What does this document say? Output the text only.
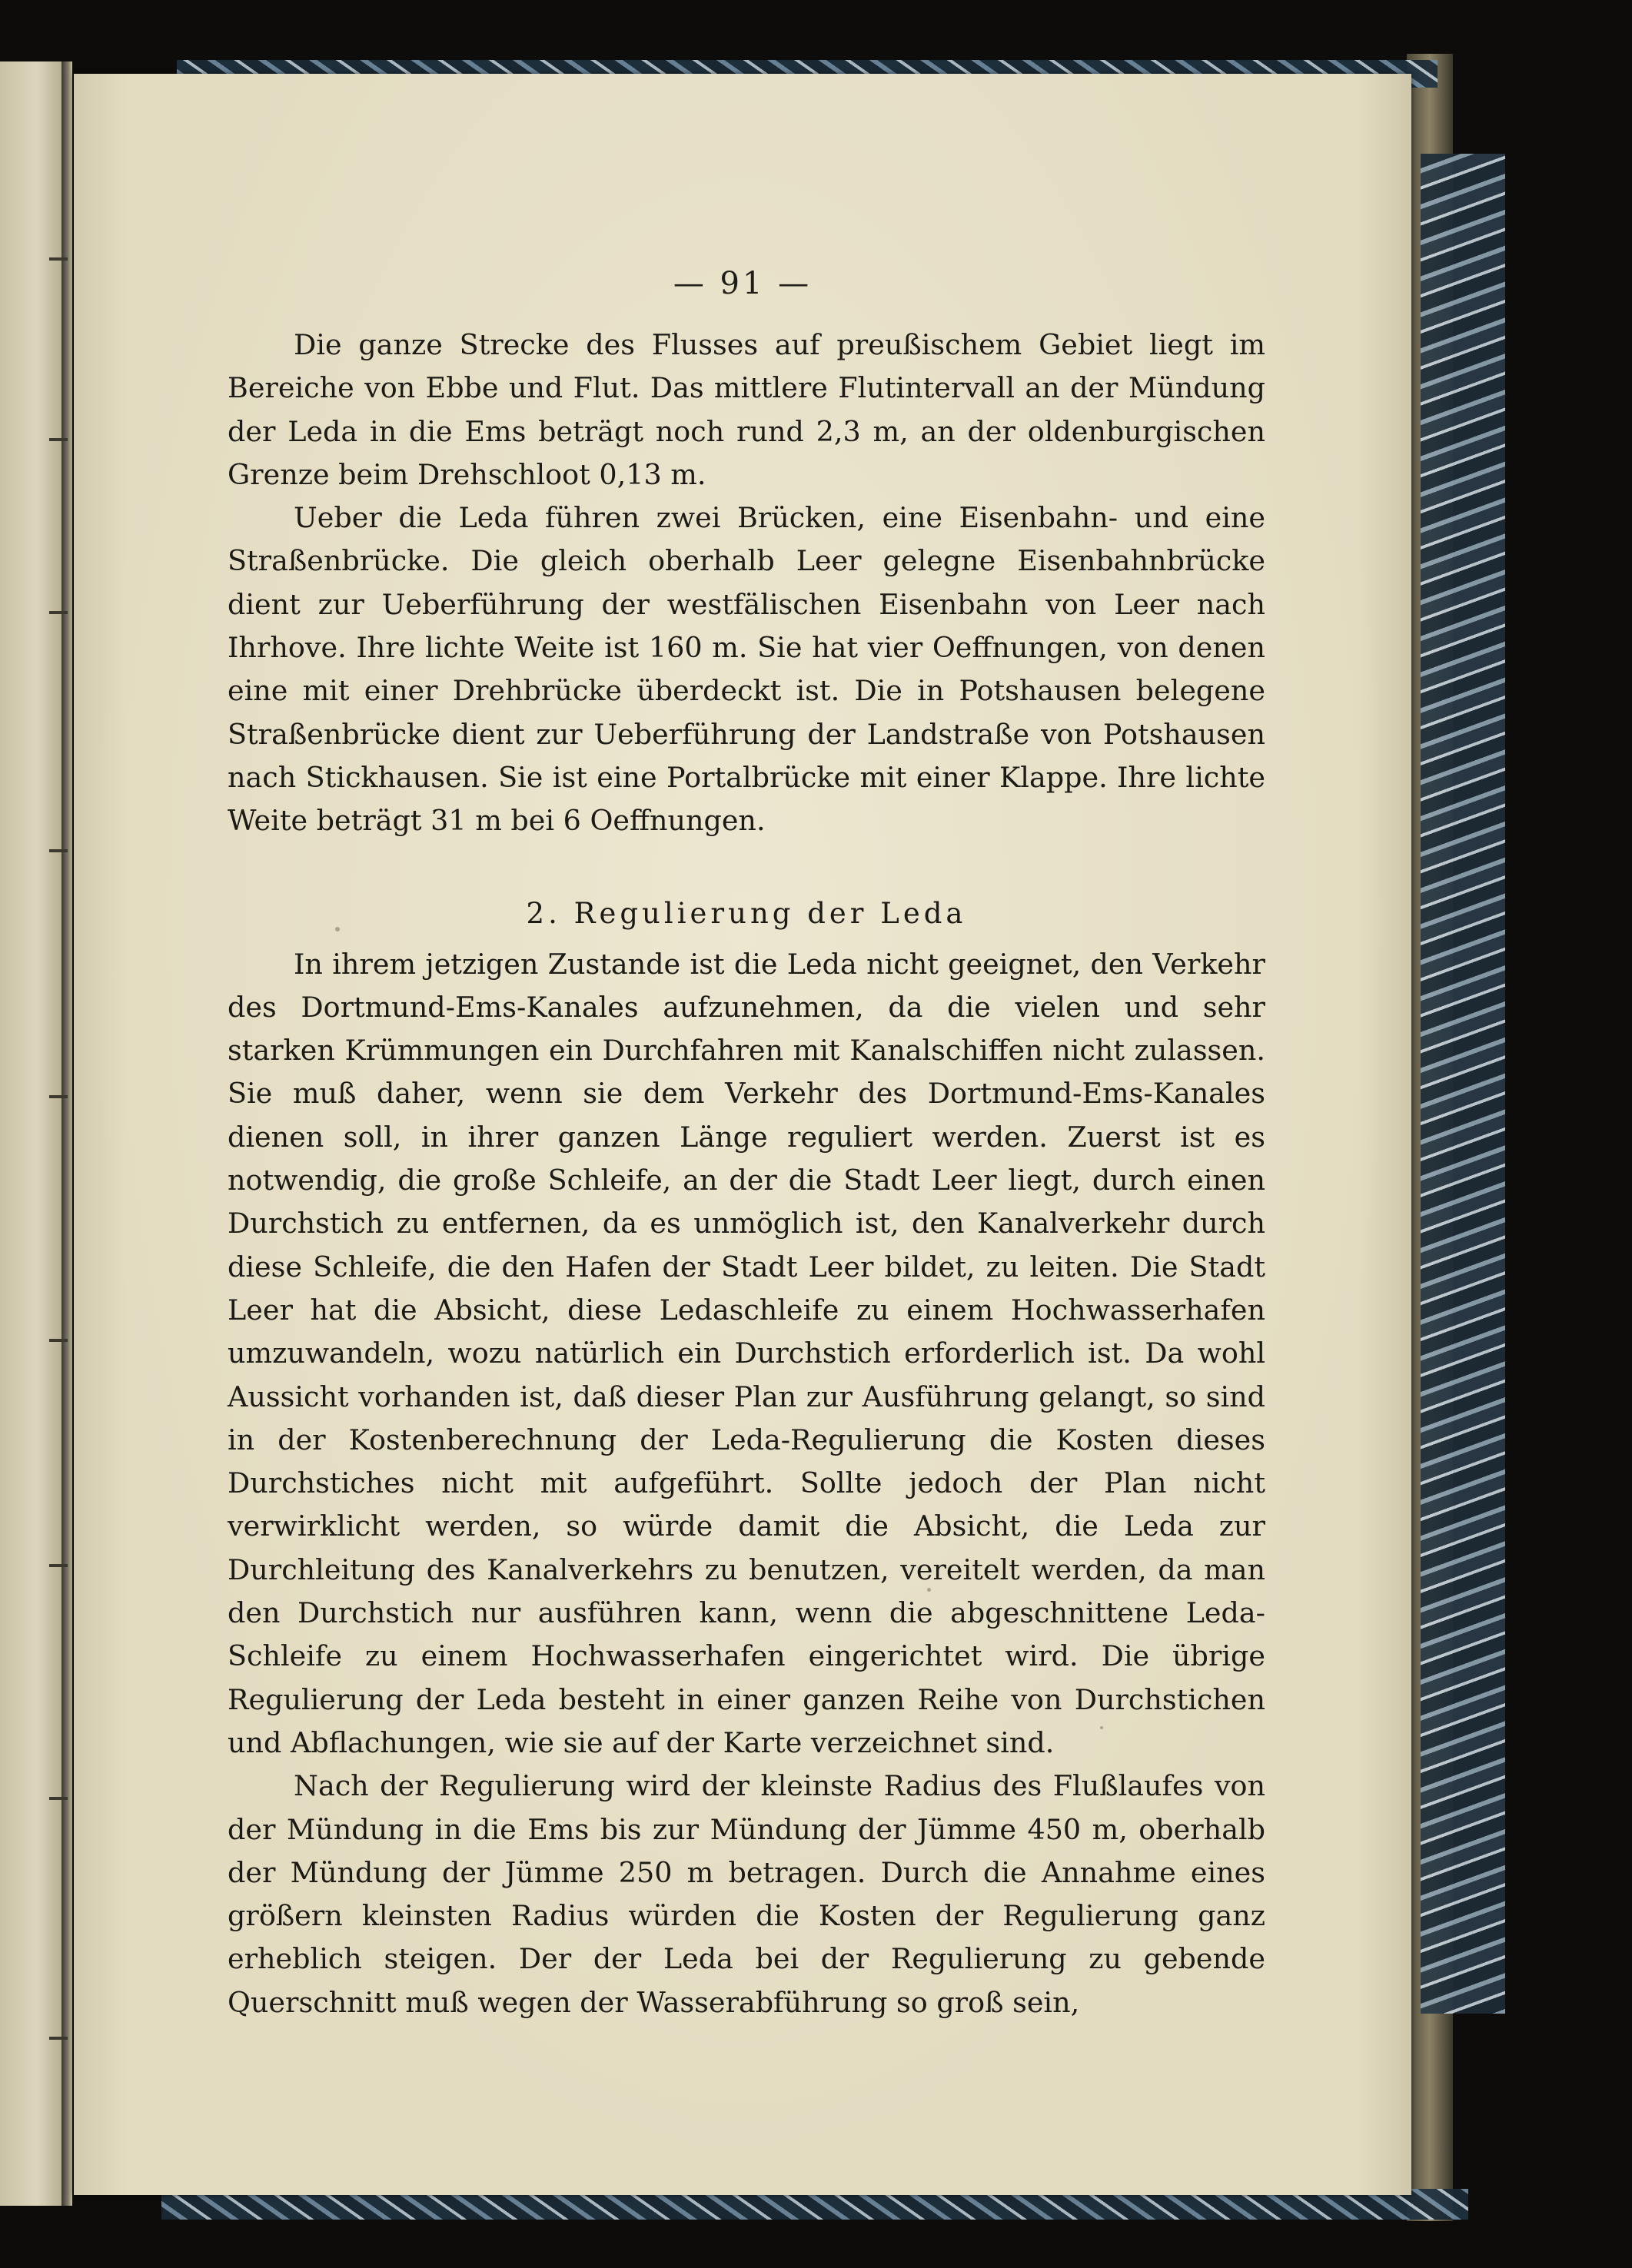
— 91 —

Die ganze Strecke des Flusses auf preußischem Gebiet liegt im Bereiche von Ebbe und Flut. Das mittlere Flutintervall an der Mündung der Leda in die Ems beträgt noch rund 2,3 m, an der oldenburgischen Grenze beim Drehschloot 0,13 m.

Ueber die Leda führen zwei Brücken, eine Eisenbahn- und eine Straßenbrücke. Die gleich oberhalb Leer gelegne Eisenbahnbrücke dient zur Ueberführung der westfälischen Eisenbahn von Leer nach Ihrhove. Ihre lichte Weite ist 160 m. Sie hat vier Oeffnungen, von denen eine mit einer Drehbrücke überdeckt ist. Die in Potshausen belegene Straßenbrücke dient zur Ueberführung der Landstraße von Potshausen nach Stickhausen. Sie ist eine Portalbrücke mit einer Klappe. Ihre lichte Weite beträgt 31 m bei 6 Oeffnungen.

2. Regulierung der Leda

In ihrem jetzigen Zustande ist die Leda nicht geeignet, den Verkehr des Dortmund-Ems-Kanales aufzunehmen, da die vielen und sehr starken Krümmungen ein Durchfahren mit Kanalschiffen nicht zulassen. Sie muß daher, wenn sie dem Verkehr des Dortmund-Ems-Kanales dienen soll, in ihrer ganzen Länge reguliert werden. Zuerst ist es notwendig, die große Schleife, an der die Stadt Leer liegt, durch einen Durchstich zu entfernen, da es unmöglich ist, den Kanalverkehr durch diese Schleife, die den Hafen der Stadt Leer bildet, zu leiten. Die Stadt Leer hat die Absicht, diese Ledaschleife zu einem Hochwasserhafen umzuwandeln, wozu natürlich ein Durchstich erforderlich ist. Da wohl Aussicht vorhanden ist, daß dieser Plan zur Ausführung gelangt, so sind in der Kostenberechnung der Leda-Regulierung die Kosten dieses Durchstiches nicht mit aufgeführt. Sollte jedoch der Plan nicht verwirklicht werden, so würde damit die Absicht, die Leda zur Durchleitung des Kanalverkehrs zu benutzen, vereitelt werden, da man den Durchstich nur ausführen kann, wenn die abgeschnittene Leda-Schleife zu einem Hochwasserhafen eingerichtet wird. Die übrige Regulierung der Leda besteht in einer ganzen Reihe von Durchstichen und Abflachungen, wie sie auf der Karte verzeichnet sind.

Nach der Regulierung wird der kleinste Radius des Flußlaufes von der Mündung in die Ems bis zur Mündung der Jümme 450 m, oberhalb der Mündung der Jümme 250 m betragen. Durch die Annahme eines größern kleinsten Radius würden die Kosten der Regulierung ganz erheblich steigen. Der der Leda bei der Regulierung zu gebende Querschnitt muß wegen der Wasserabführung so groß sein,
